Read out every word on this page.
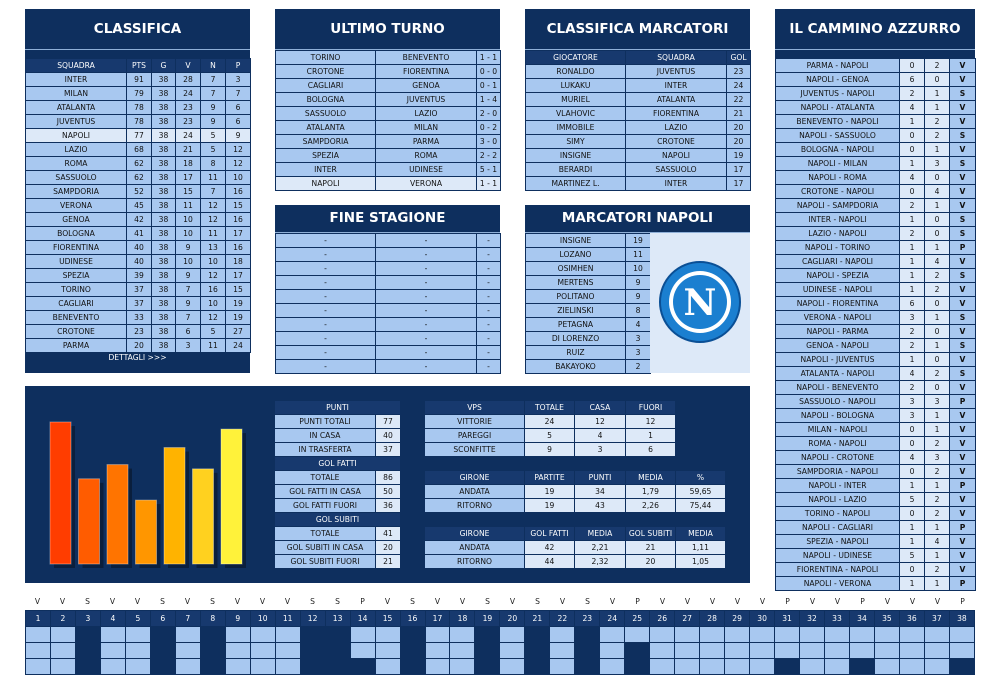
CLASSIFICA
SQUADRA	PTS	G	V	N	P
INTER	91	38	28	7	3
MILAN	79	38	24	7	7
ATALANTA	78	38	23	9	6
JUVENTUS	78	38	23	9	6
NAPOLI	77	38	24	5	9
LAZIO	68	38	21	5	12
ROMA	62	38	18	8	12
SASSUOLO	62	38	17	11	10
SAMPDORIA	52	38	15	7	16
VERONA	45	38	11	12	15
GENOA	42	38	10	12	16
BOLOGNA	41	38	10	11	17
FIORENTINA	40	38	9	13	16
UDINESE	40	38	10	10	18
SPEZIA	39	38	9	12	17
TORINO	37	38	7	16	15
CAGLIARI	37	38	9	10	19
BENEVENTO	33	38	7	12	19
CROTONE	23	38	6	5	27
PARMA	20	38	3	11	24
DETTAGLI >>>
ULTIMO TURNO
TORINO	BENEVENTO	1 - 1
CROTONE	FIORENTINA	0 - 0
CAGLIARI	GENOA	0 - 1
BOLOGNA	JUVENTUS	1 - 4
SASSUOLO	LAZIO	2 - 0
ATALANTA	MILAN	0 - 2
SAMPDORIA	PARMA	3 - 0
SPEZIA	ROMA	2 - 2
INTER	UDINESE	5 - 1
NAPOLI	VERONA	1 - 1
CLASSIFICA MARCATORI
GIOCATORE	SQUADRA	GOL
RONALDO	JUVENTUS	23
LUKAKU	INTER	24
MURIEL	ATALANTA	22
VLAHOVIC	FIORENTINA	21
IMMOBILE	LAZIO	20
SIMY	CROTONE	20
INSIGNE	NAPOLI	19
BERARDI	SASSUOLO	17
MARTINEZ L.	INTER	17
FINE STAGIONE
-	-	-
-	-	-
-	-	-
-	-	-
-	-	-
-	-	-
-	-	-
-	-	-
-	-	-
-	-	-
MARCATORI NAPOLI
INSIGNE	19
LOZANO	11
OSIMHEN	10
MERTENS	9
POLITANO	9
ZIELINSKI	8
PETAGNA	4
DI LORENZO	3
RUIZ	3
BAKAYOKO	2
N
IL CAMMINO AZZURRO
PARMA - NAPOLI	0	2	V
NAPOLI - GENOA	6	0	V
JUVENTUS - NAPOLI	2	1	S
NAPOLI - ATALANTA	4	1	V
BENEVENTO - NAPOLI	1	2	V
NAPOLI - SASSUOLO	0	2	S
BOLOGNA - NAPOLI	0	1	V
NAPOLI - MILAN	1	3	S
NAPOLI - ROMA	4	0	V
CROTONE - NAPOLI	0	4	V
NAPOLI - SAMPDORIA	2	1	V
INTER - NAPOLI	1	0	S
LAZIO - NAPOLI	2	0	S
NAPOLI - TORINO	1	1	P
CAGLIARI - NAPOLI	1	4	V
NAPOLI - SPEZIA	1	2	S
UDINESE - NAPOLI	1	2	V
NAPOLI - FIORENTINA	6	0	V
VERONA - NAPOLI	3	1	S
NAPOLI - PARMA	2	0	V
GENOA - NAPOLI	2	1	S
NAPOLI - JUVENTUS	1	0	V
ATALANTA - NAPOLI	4	2	S
NAPOLI - BENEVENTO	2	0	V
SASSUOLO - NAPOLI	3	3	P
NAPOLI - BOLOGNA	3	1	V
MILAN - NAPOLI	0	1	V
ROMA - NAPOLI	0	2	V
NAPOLI - CROTONE	4	3	V
SAMPDORIA - NAPOLI	0	2	V
NAPOLI - INTER	1	1	P
NAPOLI - LAZIO	5	2	V
TORINO - NAPOLI	0	2	V
NAPOLI - CAGLIARI	1	1	P
SPEZIA - NAPOLI	1	4	V
NAPOLI - UDINESE	5	1	V
FIORENTINA - NAPOLI	0	2	V
NAPOLI - VERONA	1	1	P
PUNTI	
PUNTI TOTALI	77
IN CASA	40
IN TRASFERTA	37
GOL FATTI	
TOTALE	86
GOL FATTI IN CASA	50
GOL FATTI FUORI	36
GOL SUBITI	
TOTALE	41
GOL SUBITI IN CASA	20
GOL SUBITI FUORI	21
VPS	TOTALE	CASA	FUORI
VITTORIE	24	12	12
PAREGGI	5	4	1
SCONFITTE	9	3	6
GIRONE	PARTITE	PUNTI	MEDIA	%
ANDATA	19	34	1,79	59,65
RITORNO	19	43	2,26	75,44
GIRONE	GOL FATTI	MEDIA	GOL SUBITI	MEDIA
ANDATA	42	2,21	21	1,11
RITORNO	44	2,32	20	1,05
V	V	S	V	V	S	V	S	V	V	V	S	S	P	V	S	V	V	S	V	S	V	S	V	P	V	V	V	V	V	P	V	V	P	V	V	V	P
1	2	3	4	5	6	7	8	9	10	11	12	13	14	15	16	17	18	19	20	21	22	23	24	25	26	27	28	29	30	31	32	33	34	35	36	37	38
